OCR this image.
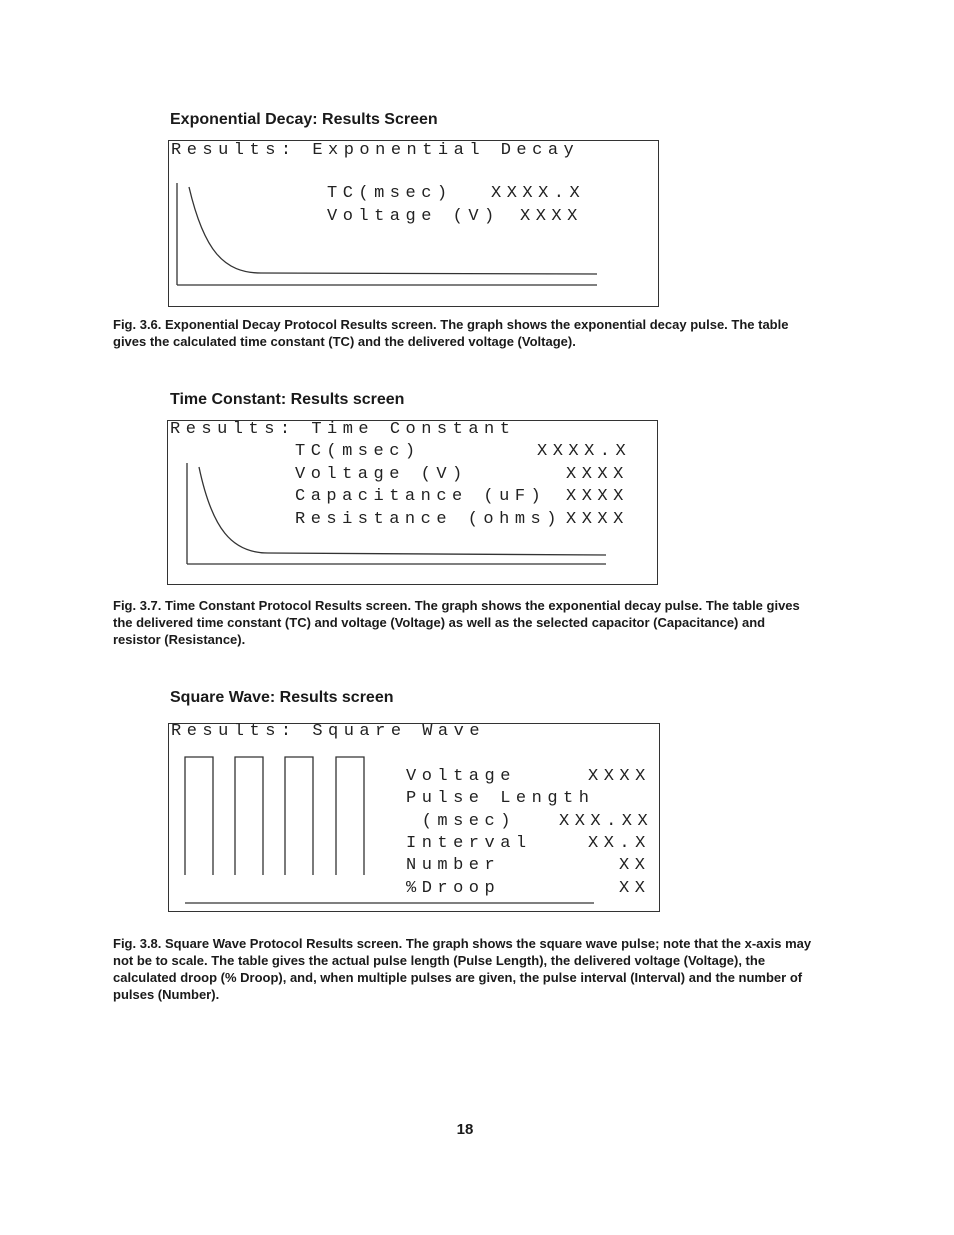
Exponential Decay: Results Screen
Results: Exponential Decay
TC(msec) XXXX.X
Voltage (V) XXXX
Fig. 3.6. Exponential Decay Protocol Results screen. The graph shows the exponential decay pulse. The table gives the calculated time constant (TC) and the delivered voltage (Voltage).
Time Constant: Results screen
Results: Time Constant
TC(msec)	XXXX.X
Voltage (V)	XXXX
Capacitance (uF) XXXX
Resistance (ohms) XXXX
Fig. 3.7. Time Constant Protocol Results screen. The graph shows the exponential decay pulse. The table gives the delivered time constant (TC) and voltage (Voltage) as well as the selected capacitor (Capacitance) and resistor (Resistance).
Square Wave: Results screen
Results: Square Wave
Voltage	XXXX
Pulse Length
(msec)	XXX.XX
Interval	XX.X
Number	XX
%Droop	XX
Fig. 3.8. Square Wave Protocol Results screen. The graph shows the square wave pulse; note that the x-axis may not be to scale. The table gives the actual pulse length (Pulse Length), the delivered voltage (Voltage), the calculated droop (% Droop), and, when multiple pulses are given, the pulse interval (Interval) and the number of pulses (Number).
18
